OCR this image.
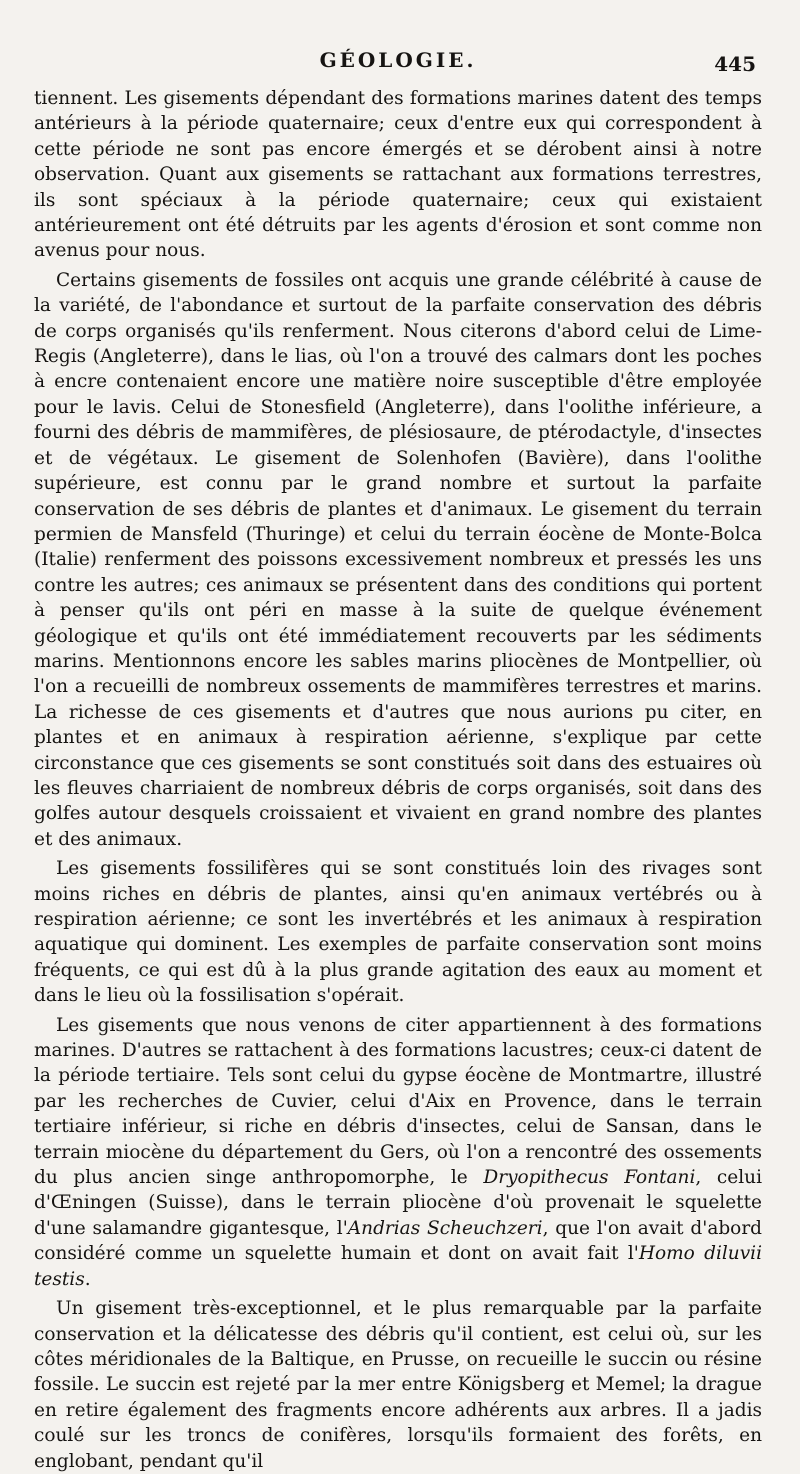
GÉOLOGIE.	445

tiennent. Les gisements dépendant des formations marines datent des temps antérieurs à la période quaternaire; ceux d'entre eux qui correspondent à cette période ne sont pas encore émergés et se dérobent ainsi à notre observation. Quant aux gisements se rattachant aux formations terrestres, ils sont spéciaux à la période quaternaire; ceux qui existaient antérieurement ont été détruits par les agents d'érosion et sont comme non avenus pour nous.

Certains gisements de fossiles ont acquis une grande célébrité à cause de la variété, de l'abondance et surtout de la parfaite conservation des débris de corps organisés qu'ils renferment. Nous citerons d'abord celui de Lime-Regis (Angleterre), dans le lias, où l'on a trouvé des calmars dont les poches à encre contenaient encore une matière noire susceptible d'être employée pour le lavis. Celui de Stonesfield (Angleterre), dans l'oolithe inférieure, a fourni des débris de mammifères, de plésiosaure, de ptérodactyle, d'insectes et de végétaux. Le gisement de Solenhofen (Bavière), dans l'oolithe supérieure, est connu par le grand nombre et surtout la parfaite conservation de ses débris de plantes et d'animaux. Le gisement du terrain permien de Mansfeld (Thuringe) et celui du terrain éocène de Monte-Bolca (Italie) renferment des poissons excessivement nombreux et pressés les uns contre les autres; ces animaux se présentent dans des conditions qui portent à penser qu'ils ont péri en masse à la suite de quelque événement géologique et qu'ils ont été immédiatement recouverts par les sédiments marins. Mentionnons encore les sables marins pliocènes de Montpellier, où l'on a recueilli de nombreux ossements de mammifères terrestres et marins. La richesse de ces gisements et d'autres que nous aurions pu citer, en plantes et en animaux à respiration aérienne, s'explique par cette circonstance que ces gisements se sont constitués soit dans des estuaires où les fleuves charriaient de nombreux débris de corps organisés, soit dans des golfes autour desquels croissaient et vivaient en grand nombre des plantes et des animaux.

Les gisements fossilifères qui se sont constitués loin des rivages sont moins riches en débris de plantes, ainsi qu'en animaux vertébrés ou à respiration aérienne; ce sont les invertébrés et les animaux à respiration aquatique qui dominent. Les exemples de parfaite conservation sont moins fréquents, ce qui est dû à la plus grande agitation des eaux au moment et dans le lieu où la fossilisation s'opérait.

Les gisements que nous venons de citer appartiennent à des formations marines. D'autres se rattachent à des formations lacustres; ceux-ci datent de la période tertiaire. Tels sont celui du gypse éocène de Montmartre, illustré par les recherches de Cuvier, celui d'Aix en Provence, dans le terrain tertiaire inférieur, si riche en débris d'insectes, celui de Sansan, dans le terrain miocène du département du Gers, où l'on a rencontré des ossements du plus ancien singe anthropomorphe, le Dryopithecus Fontani, celui d'Œningen (Suisse), dans le terrain pliocène d'où provenait le squelette d'une salamandre gigantesque, l'Andrias Scheuchzeri, que l'on avait d'abord considéré comme un squelette humain et dont on avait fait l'Homo diluvii testis.

Un gisement très-exceptionnel, et le plus remarquable par la parfaite conservation et la délicatesse des débris qu'il contient, est celui où, sur les côtes méridionales de la Baltique, en Prusse, on recueille le succin ou résine fossile. Le succin est rejeté par la mer entre Königsberg et Memel; la drague en retire également des fragments encore adhérents aux arbres. Il a jadis coulé sur les troncs de conifères, lorsqu'ils formaient des forêts, en englobant, pendant qu'il
